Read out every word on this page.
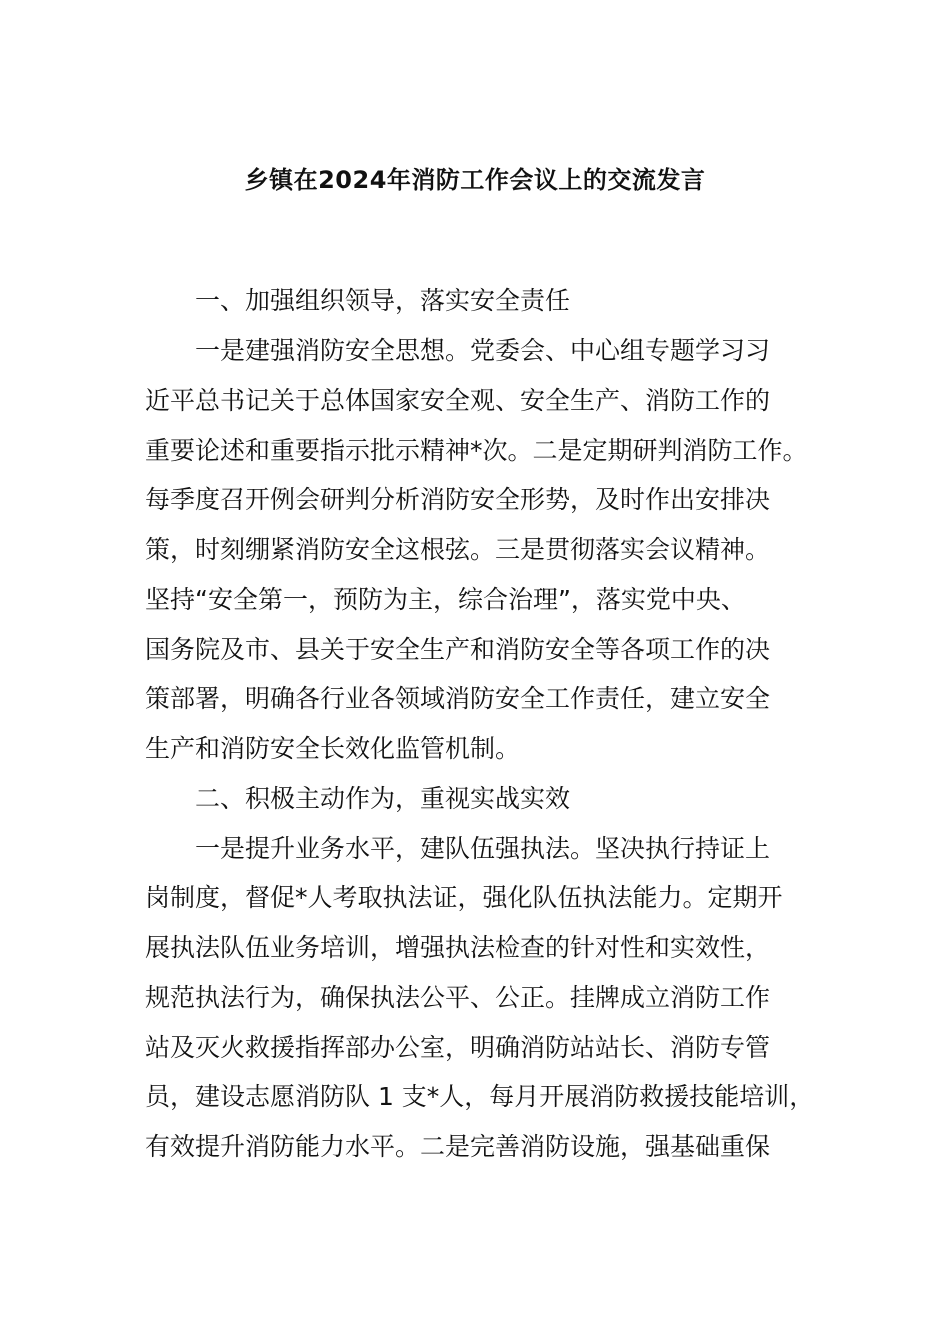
乡镇在2024年消防工作会议上的交流发言
一、加强组织领导，落实安全责任
一是建强消防安全思想。党委会、中心组专题学习习
近平总书记关于总体国家安全观、安全生产、消防工作的
重要论述和重要指示批示精神*次。二是定期研判消防工作。
每季度召开例会研判分析消防安全形势，及时作出安排决
策，时刻绷紧消防安全这根弦。三是贯彻落实会议精神。
坚持“安全第一，预防为主，综合治理”，落实党中央、
国务院及市、县关于安全生产和消防安全等各项工作的决
策部署，明确各行业各领域消防安全工作责任，建立安全
生产和消防安全长效化监管机制。
二、积极主动作为，重视实战实效
一是提升业务水平，建队伍强执法。坚决执行持证上
岗制度，督促*人考取执法证，强化队伍执法能力。定期开
展执法队伍业务培训，增强执法检查的针对性和实效性，
规范执法行为，确保执法公平、公正。挂牌成立消防工作
站及灭火救援指挥部办公室，明确消防站站长、消防专管
员，建设志愿消防队 1 支*人，每月开展消防救援技能培训，
有效提升消防能力水平。二是完善消防设施，强基础重保
